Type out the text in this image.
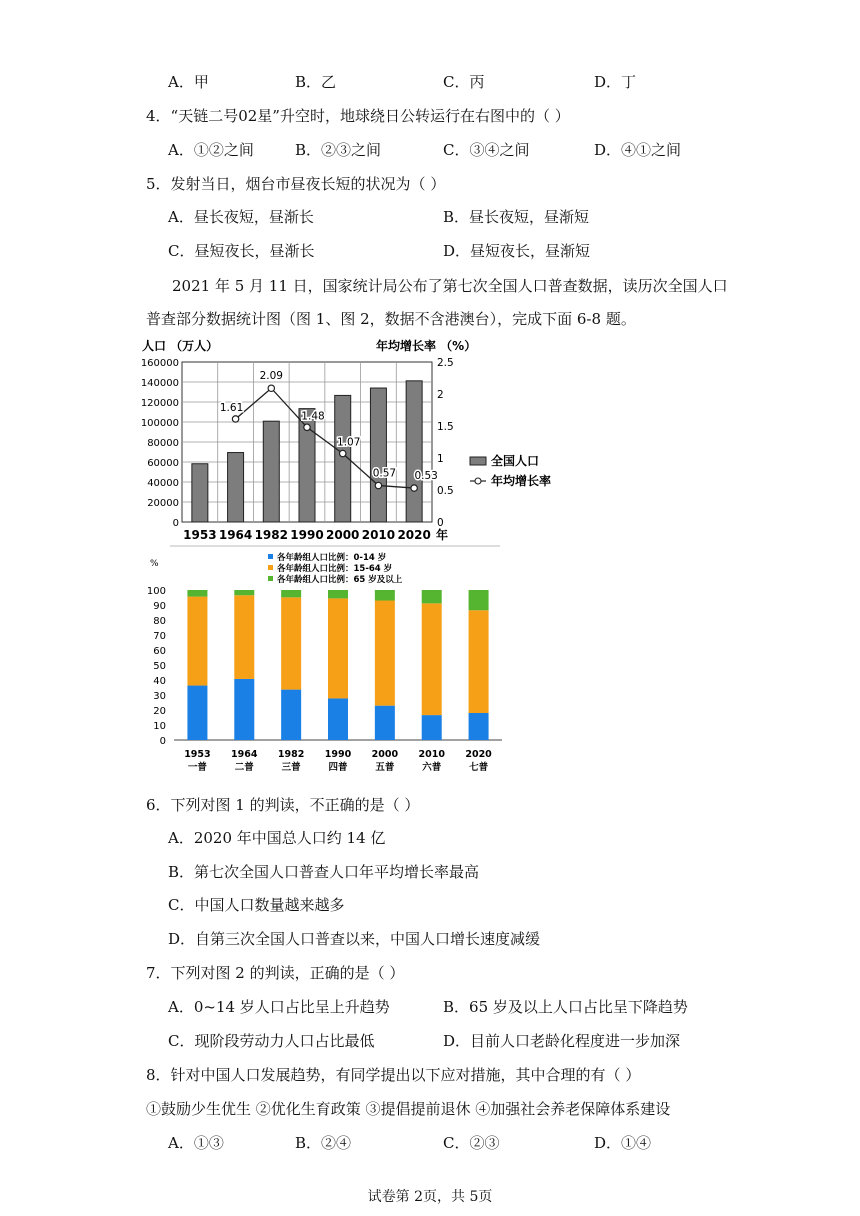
A．甲	B．乙	C．丙	D．丁
4．“天链二号02星”升空时，地球绕日公转运行在右图中的（ ）
A．①②之间	B．②③之间	C．③④之间	D．④①之间
5．发射当日，烟台市昼夜长短的状况为（ ）
A．昼长夜短，昼渐长	B．昼长夜短，昼渐短
C．昼短夜长，昼渐长	D．昼短夜长，昼渐短
2021 年 5 月 11 日，国家统计局公布了第七次全国人口普查数据，读历次全国人口
普查部分数据统计图（图 1、图 2，数据不含港澳台），完成下面 6-8 题。
人口 （万人）	年均增长率 （%）
0
20000
40000
60000
80000
100000
120000
140000
160000
0
0.5
1
1.5
2
2.5
1953 1964 1982 1990 2000 2010 2020 年
1.61
2.09
1.48
1.07
0.57 0.53
全国人口
年均增长率
%
各年龄组人口比例：0-14 岁
各年龄组人口比例：15-64 岁
各年龄组人口比例：65 岁及以上
0
10
20
30
40
50
60
70
80
90
100
1953
一普
1964
二普
1982
三普
1990
四普
2000
五普
2010
六普
2020
七普
6．下列对图 1 的判读，不正确的是（ ）
A．2020 年中国总人口约 14 亿
B．第七次全国人口普查人口年平均增长率最高
C．中国人口数量越来越多
D．自第三次全国人口普查以来，中国人口增长速度减缓
7．下列对图 2 的判读，正确的是（ ）
A．0~14 岁人口占比呈上升趋势	B．65 岁及以上人口占比呈下降趋势
C．现阶段劳动力人口占比最低	D．目前人口老龄化程度进一步加深
8．针对中国人口发展趋势，有同学提出以下应对措施，其中合理的有（ ）
①鼓励少生优生 ②优化生育政策 ③提倡提前退休 ④加强社会养老保障体系建设
A．①③	B．②④	C．②③	D．①④
试卷第 2页，共 5页
